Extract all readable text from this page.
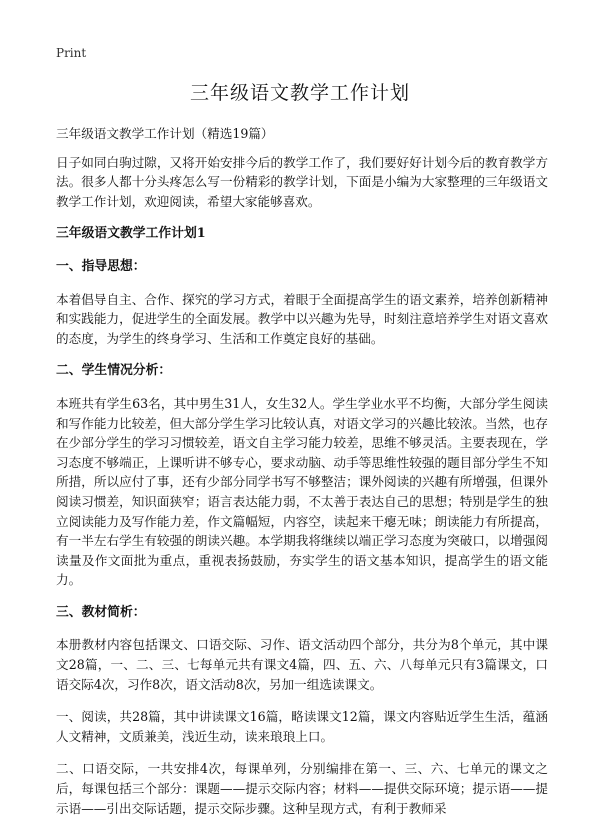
Print
三年级语文教学工作计划

三年级语文教学工作计划（精选19篇）

日子如同白驹过隙，又将开始安排今后的教学工作了，我们要好好计划今后的教育教学方法。很多人都十分头疼怎么写一份精彩的教学计划，下面是小编为大家整理的三年级语文教学工作计划，欢迎阅读，希望大家能够喜欢。

三年级语文教学工作计划1
一、指导思想：

本着倡导自主、合作、探究的学习方式，着眼于全面提高学生的语文素养，培养创新精神和实践能力，促进学生的全面发展。教学中以兴趣为先导，时刻注意培养学生对语文喜欢的态度，为学生的终身学习、生活和工作奠定良好的基础。

二、学生情况分析：

本班共有学生63名，其中男生31人，女生32人。学生学业水平不均衡，大部分学生阅读和写作能力比较差，但大部分学生学习比较认真，对语文学习的兴趣比较浓。当然，也存在少部分学生的学习习惯较差，语文自主学习能力较差，思维不够灵活。主要表现在，学习态度不够端正，上课听讲不够专心，要求动脑、动手等思维性较强的题目部分学生不知所措，所以应付了事，还有少部分同学书写不够整洁；课外阅读的兴趣有所增强，但课外阅读习惯差，知识面狭窄；语言表达能力弱，不太善于表达自己的思想；特别是学生的独立阅读能力及写作能力差，作文篇幅短，内容空，读起来干瘪无味；朗读能力有所提高，有一半左右学生有较强的朗读兴趣。本学期我将继续以端正学习态度为突破口，以增强阅读量及作文面批为重点，重视表扬鼓励，夯实学生的语文基本知识，提高学生的语文能力。

三、教材简析：

本册教材内容包括课文、口语交际、习作、语文活动四个部分，共分为8个单元，其中课文28篇，一、二、三、七每单元共有课文4篇，四、五、六、八每单元只有3篇课文，口语交际4次，习作8次，语文活动8次，另加一组选读课文。

一、阅读，共28篇，其中讲读课文16篇，略读课文12篇，课文内容贴近学生生活，蕴涵人文精神，文质兼美，浅近生动，读来琅琅上口。

二、口语交际，一共安排4次，每课单列，分别编排在第一、三、六、七单元的课文之后，每课包括三个部分：课题——提示交际内容；材料——提供交际环境；提示语——提示语——引出交际话题，提示交际步骤。这种呈现方式，有利于教师采
